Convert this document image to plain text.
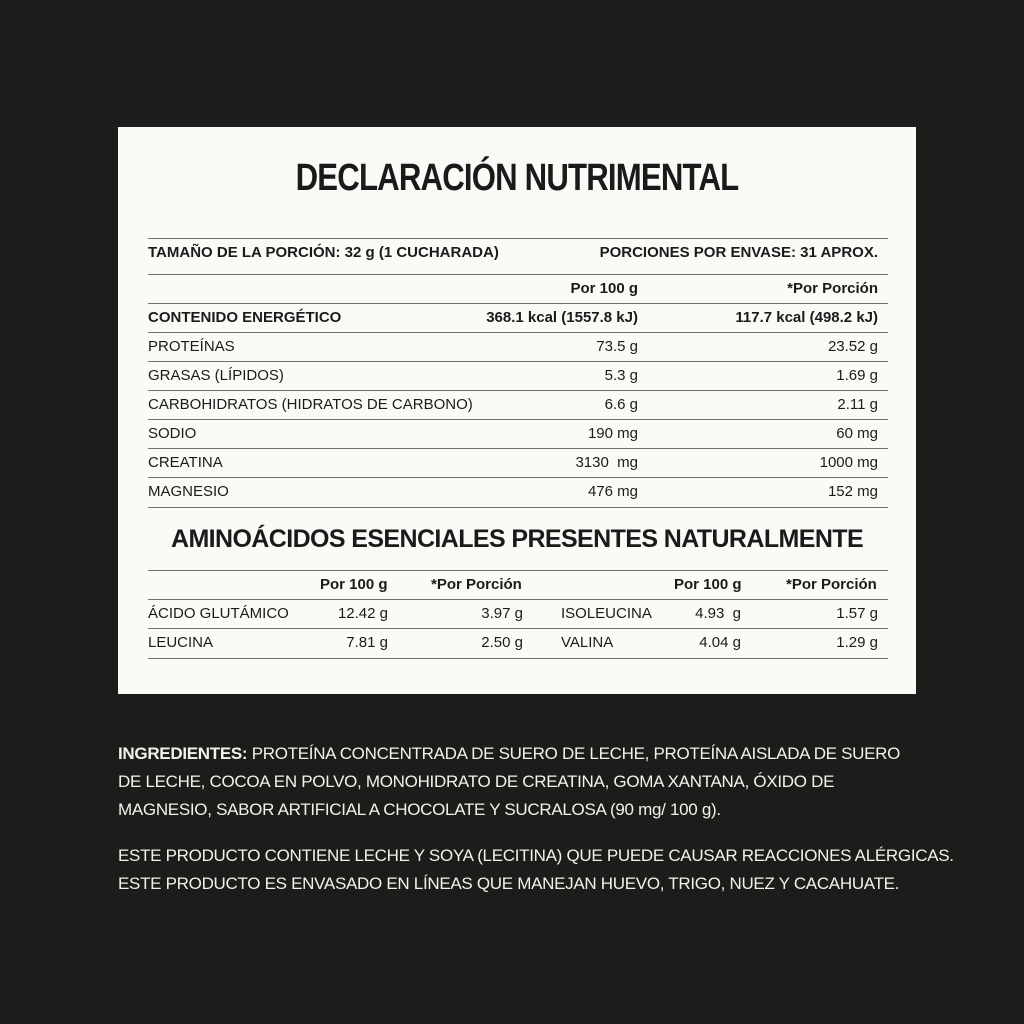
DECLARACIÓN NUTRIMENTAL
TAMAÑO DE LA PORCIÓN: 32 g (1 CUCHARADA)	PORCIONES POR ENVASE: 31 APROX.
Por 100 g	*Por Porción
CONTENIDO ENERGÉTICO	368.1 kcal (1557.8 kJ)	117.7 kcal (498.2 kJ)
PROTEÍNAS	73.5 g	23.52 g
GRASAS (LÍPIDOS)	5.3 g	1.69 g
CARBOHIDRATOS (HIDRATOS DE CARBONO)	6.6 g	2.11 g
SODIO	190 mg	60 mg
CREATINA	3130  mg	1000 mg
MAGNESIO	476 mg	152 mg
AMINOÁCIDOS ESENCIALES PRESENTES NATURALMENTE
Por 100 g	*Por Porción	Por 100 g	*Por Porción
ÁCIDO GLUTÁMICO	12.42 g	3.97 g	ISOLEUCINA	4.93  g	1.57 g
LEUCINA	7.81 g	2.50 g	VALINA	4.04 g	1.29 g
INGREDIENTES: PROTEÍNA CONCENTRADA DE SUERO DE LECHE, PROTEÍNA AISLADA DE SUERO DE LECHE, COCOA EN POLVO, MONOHIDRATO DE CREATINA, GOMA XANTANA, ÓXIDO DE MAGNESIO, SABOR ARTIFICIAL A CHOCOLATE Y SUCRALOSA (90 mg/ 100 g).
ESTE PRODUCTO CONTIENE LECHE Y SOYA (LECITINA) QUE PUEDE CAUSAR REACCIONES ALÉRGICAS.
ESTE PRODUCTO ES ENVASADO EN LÍNEAS QUE MANEJAN HUEVO, TRIGO, NUEZ Y CACAHUATE.
